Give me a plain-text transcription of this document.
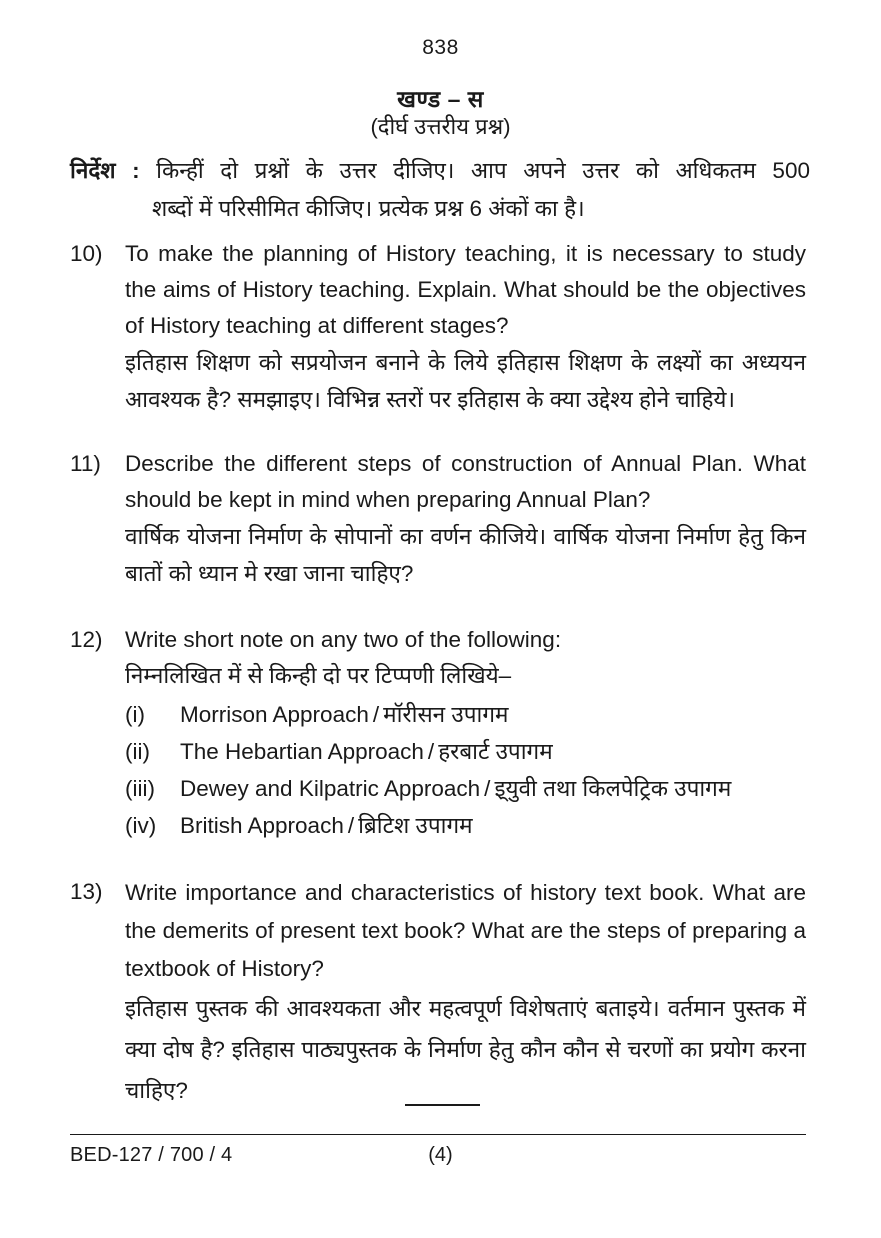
838
खण्ड – स
(दीर्घ उत्तरीय प्रश्न)
निर्देश : किन्हीं दो प्रश्नों के उत्तर दीजिए। आप अपने उत्तर को अधिकतम 500
शब्दों में परिसीमित कीजिए। प्रत्येक प्रश्न 6 अंकों का है।
10) To make the planning of History teaching, it is necessary to study the aims of History teaching. Explain. What should be the objectives of History teaching at different stages?
इतिहास शिक्षण को सप्रयोजन बनाने के लिये इतिहास शिक्षण के लक्ष्यों का अध्ययन आवश्यक है? समझाइए। विभिन्न स्तरों पर इतिहास के क्या उद्देश्य होने चाहिये।
11)	Describe the different steps of construction of Annual Plan. What should be kept in mind when preparing Annual Plan?
वार्षिक योजना निर्माण के सोपानों का वर्णन कीजिये। वार्षिक योजना निर्माण हेतु किन बातों को ध्यान मे रखा जाना चाहिए?
12) Write short note on any two of the following:
निम्नलिखित में से किन्ही दो पर टिप्पणी लिखिये–
(i)	Morrison Approach / मॉरीसन उपागम
(ii)	The Hebartian Approach / हरबार्ट उपागम
(iii)	Dewey and Kilpatric Approach / इ्युवी तथा किलपेट्रिक उपागम
(iv)	British Approach / ब्रिटिश उपागम
13) Write importance and characteristics of history text book. What are the demerits of present text book? What are the steps of preparing a textbook of History?
इतिहास पुस्तक की आवश्यकता और महत्वपूर्ण विशेषताएं बताइये। वर्तमान पुस्तक में क्या दोष है? इतिहास पाठ्यपुस्तक के निर्माण हेतु कौन कौन से चरणों का प्रयोग करना चाहिए?
BED-127 / 700 / 4	(4)
